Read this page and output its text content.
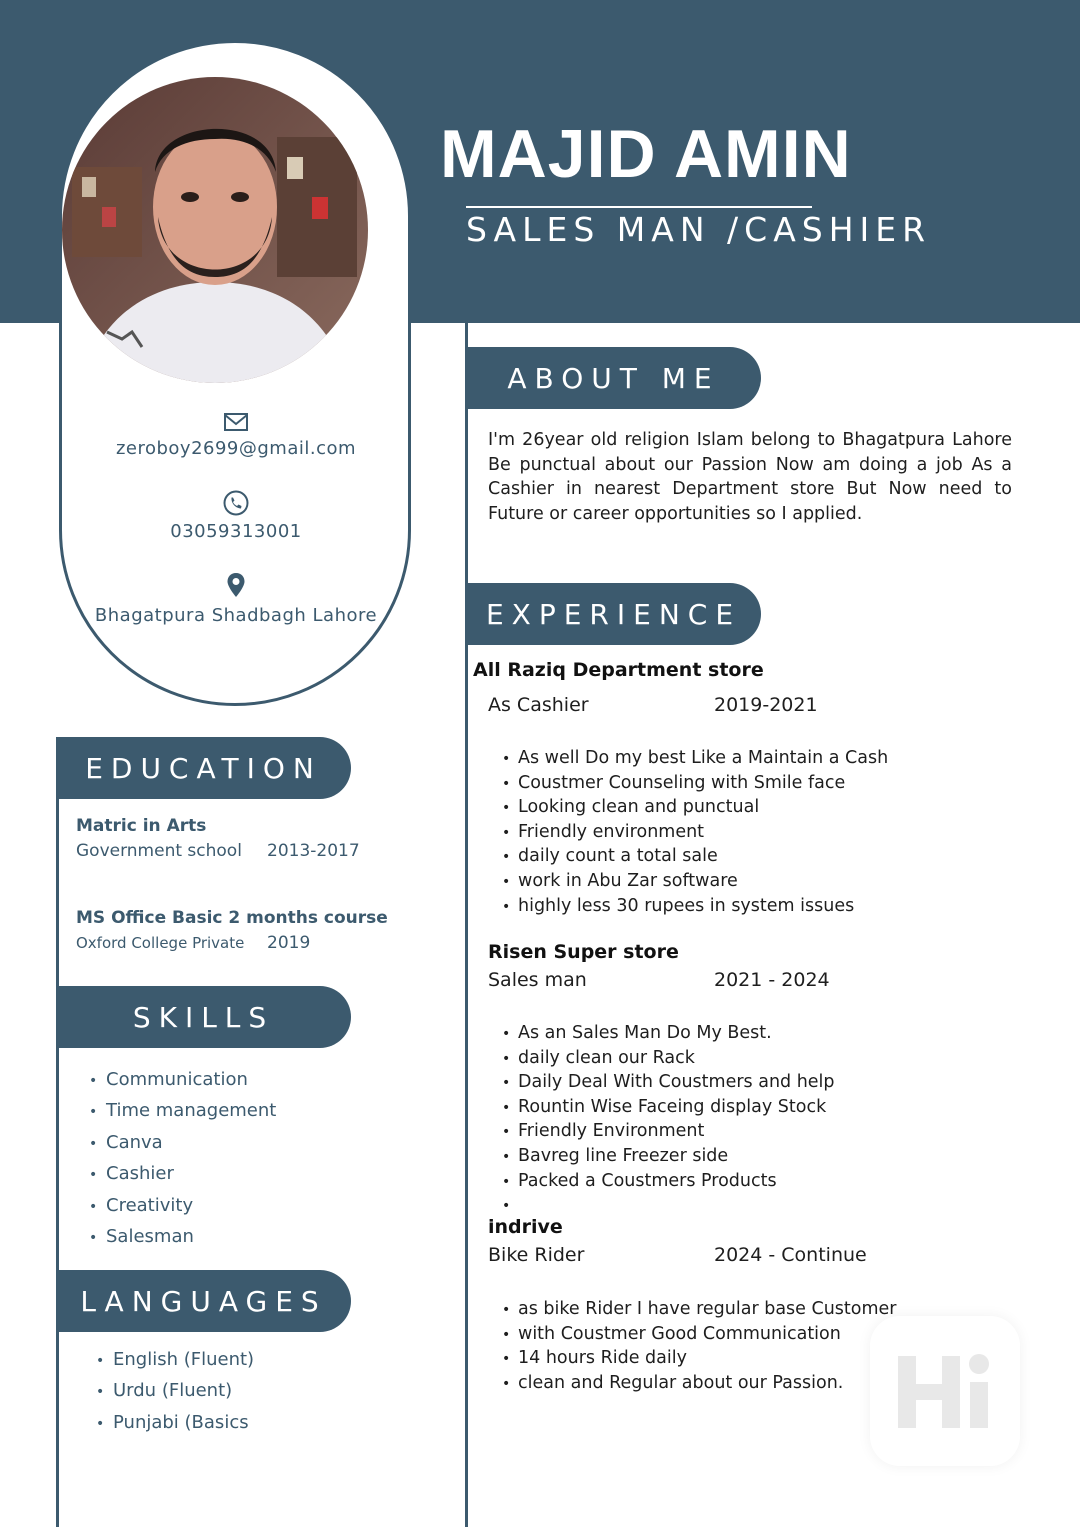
MAJID AMIN
SALES MAN /CASHIER
zeroboy2699@gmail.com
03059313001
Bhagatpura Shadbagh Lahore
EDUCATION
Matric in Arts
Government school 2013-2017
MS Office Basic 2 months course
Oxford College Private 2019
SKILLS
• Communication
• Time management
• Canva
• Cashier
• Creativity
• Salesman
LANGUAGES
• English (Fluent)
• Urdu (Fluent)
• Punjabi (Basics
ABOUT ME
I'm 26year old religion Islam belong to Bhagatpura Lahore Be punctual about our Passion Now am doing a job As a Cashier in nearest Department store But Now need to Future or career opportunities so I applied.
EXPERIENCE
All Raziq Department store
As Cashier	2019-2021
• As well Do my best Like a Maintain a Cash
• Coustmer Counseling with Smile face
• Looking clean and punctual
• Friendly environment
• daily count a total sale
• work in Abu Zar software
• highly less 30 rupees in system issues
Risen Super store
Sales man	2021 - 2024
• As an Sales Man Do My Best.
• daily clean our Rack
• Daily Deal With Coustmers and help
• Rountin Wise Faceing display Stock
• Friendly Environment
• Bavreg line Freezer side
• Packed a Coustmers Products
•
indrive
Bike Rider	2024 - Continue
• as bike Rider I have regular base Customer
• with Coustmer Good Communication
• 14 hours Ride daily
• clean and Regular about our Passion.
